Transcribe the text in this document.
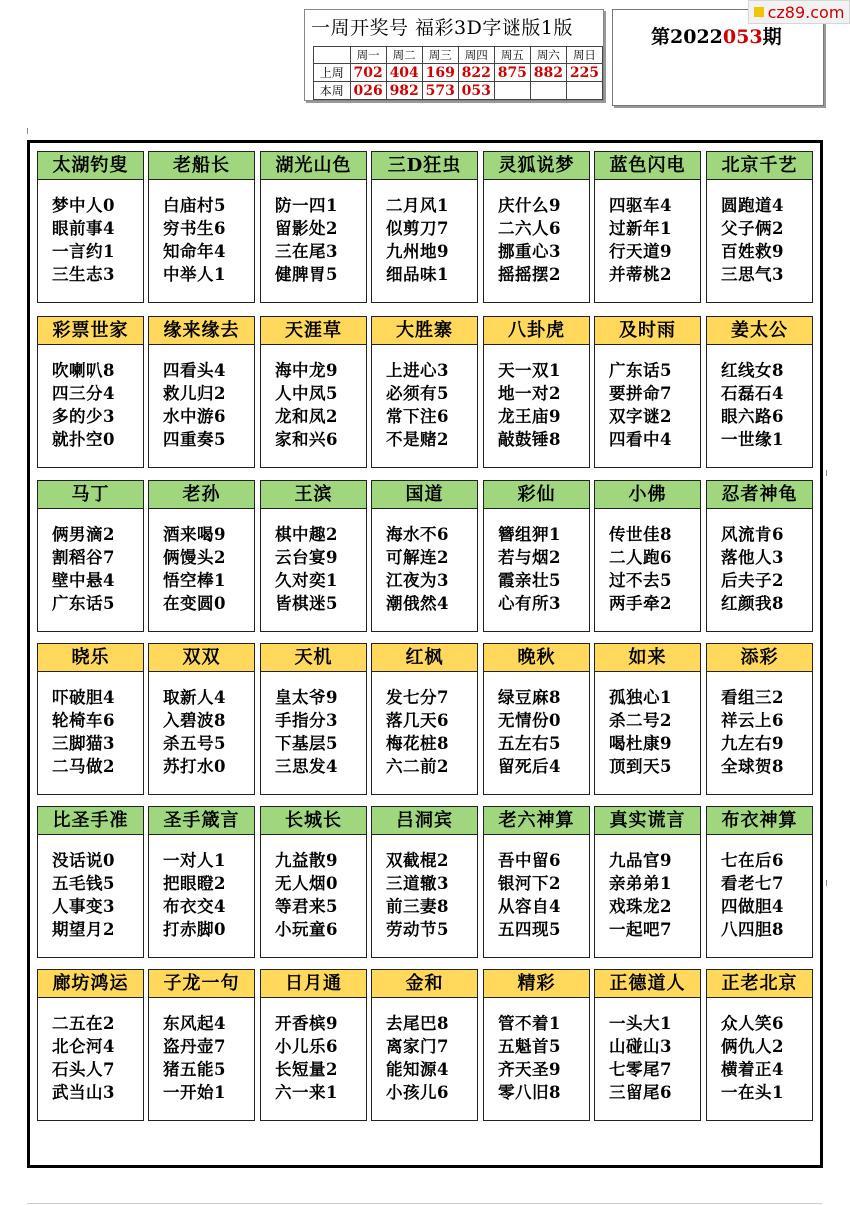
一周开奖号 福彩3D字谜版1版
	周一	周二	周三	周四	周五	周六	周日
上周	702	404	169	822	875	882	225
本周	026	982	573	053			
第2022053期
cz89.com
太湖钓叟
梦中人0
眼前事4
一言约1
三生志3
老船长
白庙村5
穷书生6
知命年4
中举人1
湖光山色
防一四1
留影处2
三在尾3
健脾胃5
三D狂虫
二月风1
似剪刀7
九州地9
细品味1
灵狐说梦
庆什么9
二六人6
挪重心3
摇摇摆2
蓝色闪电
四驱车4
过新年1
行天道9
并蒂桃2
北京千艺
圆跑道4
父子俩2
百姓救9
三思气3
彩票世家
吹喇叭8
四三分4
多的少3
就扑空0
缘来缘去
四看头4
救儿归2
水中游6
四重奏5
天涯草
海中龙9
人中凤5
龙和凤2
家和兴6
大胜寨
上进心3
必须有5
常下注6
不是赌2
八卦虎
天一双1
地一对2
龙王庙9
敲鼓锤8
及时雨
广东话5
要拼命7
双字谜2
四看中4
姜太公
红线女8
石磊石4
眼六路6
一世缘1
马丁
俩男滴2
割稻谷7
壁中悬4
广东话5
老孙
酒来喝9
俩馒头2
悟空棒1
在变圆0
王滨
棋中趣2
云台宴9
久对奕1
皆棋迷5
国道
海水不6
可解连2
江夜为3
潮俄然4
彩仙
簪组狎1
若与烟2
霞亲壮5
心有所3
小佛
传世佳8
二人跑6
过不去5
两手牵2
忍者神龟
风流肯6
落他人3
后夫子2
红颜我8
晓乐
吓破胆4
轮椅车6
三脚猫3
二马做2
双双
取新人4
入碧波8
杀五号5
苏打水0
天机
皇太爷9
手指分3
下基层5
三思发4
红枫
发七分7
落几天6
梅花桩8
六二前2
晚秋
绿豆麻8
无情份0
五左右5
留死后4
如来
孤独心1
杀二号2
喝杜康9
顶到天5
添彩
看组三2
祥云上6
九左右9
全球贺8
比圣手准
没话说0
五毛钱5
人事变3
期望月2
圣手箴言
一对人1
把眼瞪2
布衣交4
打赤脚0
长城长
九益散9
无人烟0
等君来5
小玩童6
吕洞宾
双截棍2
三道辙3
前三妻8
劳动节5
老六神算
吾中留6
银河下2
从容自4
五四现5
真实谎言
九品官9
亲弟弟1
戏珠龙2
一起吧7
布衣神算
七在后6
看老七7
四做胆4
八四胆8
廊坊鸿运
二五在2
北仑河4
石头人7
武当山3
子龙一句
东风起4
盗丹壶7
猪五能5
一开始1
日月通
开香槟9
小儿乐6
长短量2
六一来1
金和
去尾巴8
离家门7
能知源4
小孩儿6
精彩
管不着1
五魁首5
齐天圣9
零八旧8
正德道人
一头大1
山碰山3
七零尾7
三留尾6
正老北京
众人笑6
俩仇人2
横着正4
一在头1
